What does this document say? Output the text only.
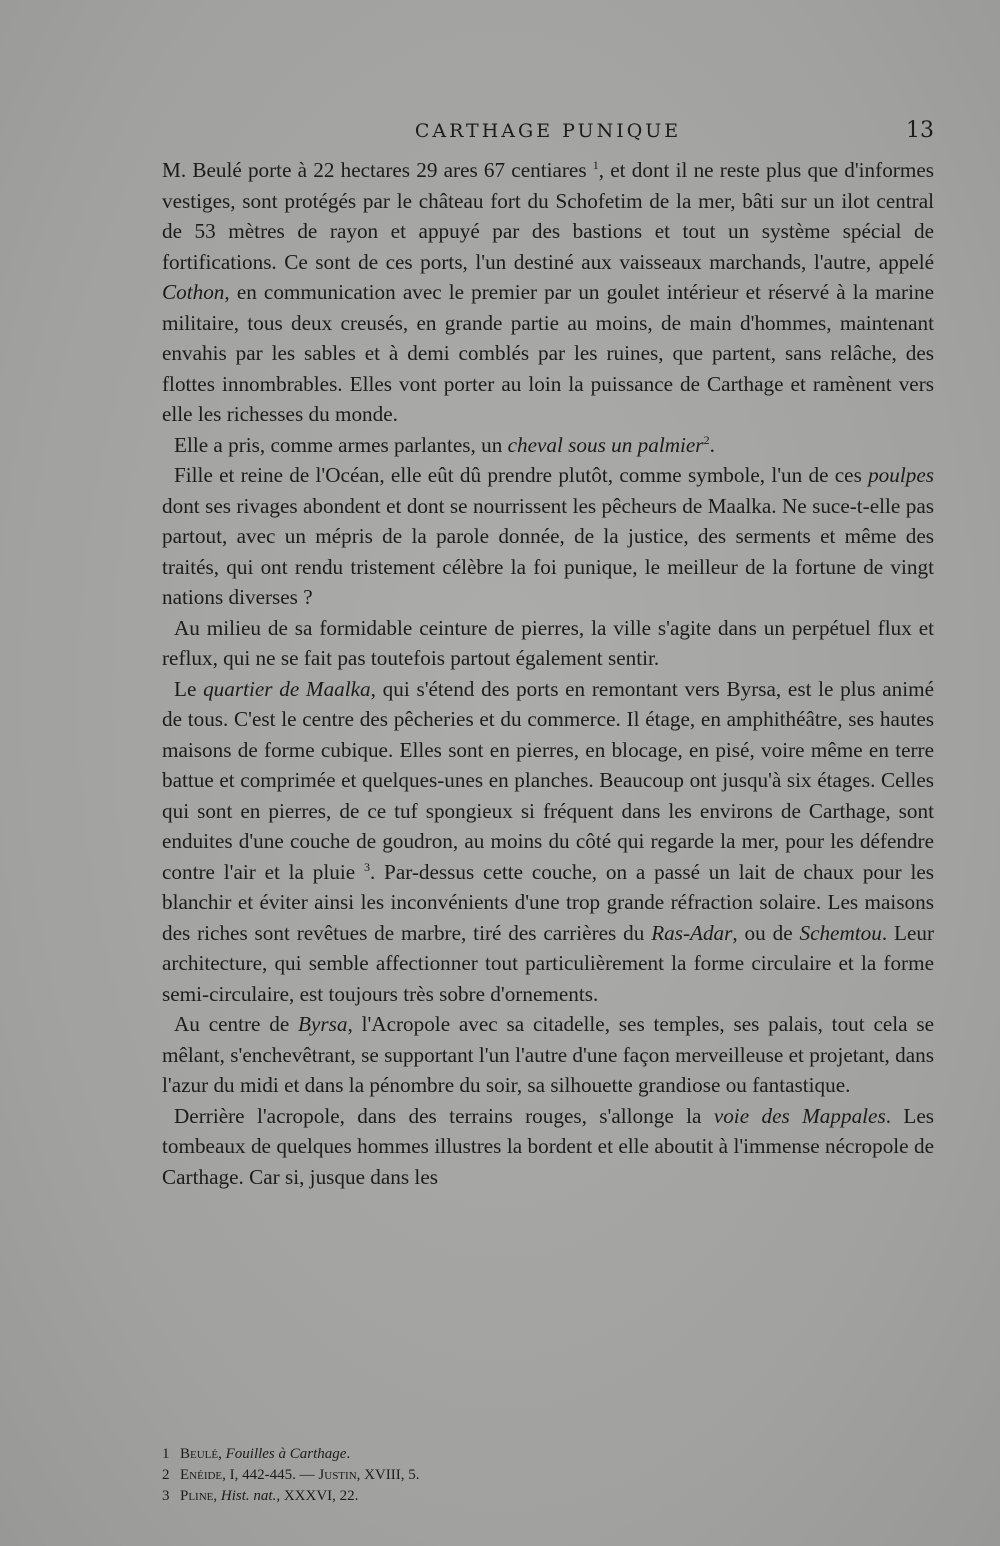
CARTHAGE PUNIQUE	13

M. Beulé porte à 22 hectares 29 ares 67 centiares $^1$, et dont il ne reste plus que d'informes vestiges, sont protégés par le château fort du Schofetim de la mer, bâti sur un ilot central de 53 mètres de rayon et appuyé par des bastions et tout un système spécial de fortifications. Ce sont de ces ports, l'un destiné aux vaisseaux marchands, l'autre, appelé Cothon, en communication avec le premier par un goulet intérieur et réservé à la marine militaire, tous deux creusés, en grande partie au moins, de main d'hommes, maintenant envahis par les sables et à demi comblés par les ruines, que partent, sans relâche, des flottes innombrables. Elles vont porter au loin la puissance de Carthage et ramènent vers elle les richesses du monde.

Elle a pris, comme armes parlantes, un cheval sous un palmier$^2$.

Fille et reine de l'Océan, elle eût dû prendre plutôt, comme symbole, l'un de ces poulpes dont ses rivages abondent et dont se nourrissent les pêcheurs de Maalka. Ne suce-t-elle pas partout, avec un mépris de la parole donnée, de la justice, des serments et même des traités, qui ont rendu tristement célèbre la foi punique, le meilleur de la fortune de vingt nations diverses ?

Au milieu de sa formidable ceinture de pierres, la ville s'agite dans un perpétuel flux et reflux, qui ne se fait pas toutefois partout également sentir.

Le quartier de Maalka, qui s'étend des ports en remontant vers Byrsa, est le plus animé de tous. C'est le centre des pêcheries et du commerce. Il étage, en amphithéâtre, ses hautes maisons de forme cubique. Elles sont en pierres, en blocage, en pisé, voire même en terre battue et comprimée et quelques-unes en planches. Beaucoup ont jusqu'à six étages. Celles qui sont en pierres, de ce tuf spongieux si fréquent dans les environs de Carthage, sont enduites d'une couche de goudron, au moins du côté qui regarde la mer, pour les défendre contre l'air et la pluie $^3$. Par-dessus cette couche, on a passé un lait de chaux pour les blanchir et éviter ainsi les inconvénients d'une trop grande réfraction solaire. Les maisons des riches sont revêtues de marbre, tiré des carrières du Ras-Adar, ou de Schemtou. Leur architecture, qui semble affectionner tout particulièrement la forme circulaire et la forme semi-circulaire, est toujours très sobre d'ornements.

Au centre de Byrsa, l'Acropole avec sa citadelle, ses temples, ses palais, tout cela se mêlant, s'enchevêtrant, se supportant l'un l'autre d'une façon merveilleuse et projetant, dans l'azur du midi et dans la pénombre du soir, sa silhouette grandiose ou fantastique.

Derrière l'acropole, dans des terrains rouges, s'allonge la voie des Mappales. Les tombeaux de quelques hommes illustres la bordent et elle aboutit à l'immense nécropole de Carthage. Car si, jusque dans les

1 Beulé, Fouilles à Carthage.
2 Enéide, I, 442-445. — Justin, XVIII, 5.
3 Pline, Hist. nat., XXXVI, 22.
